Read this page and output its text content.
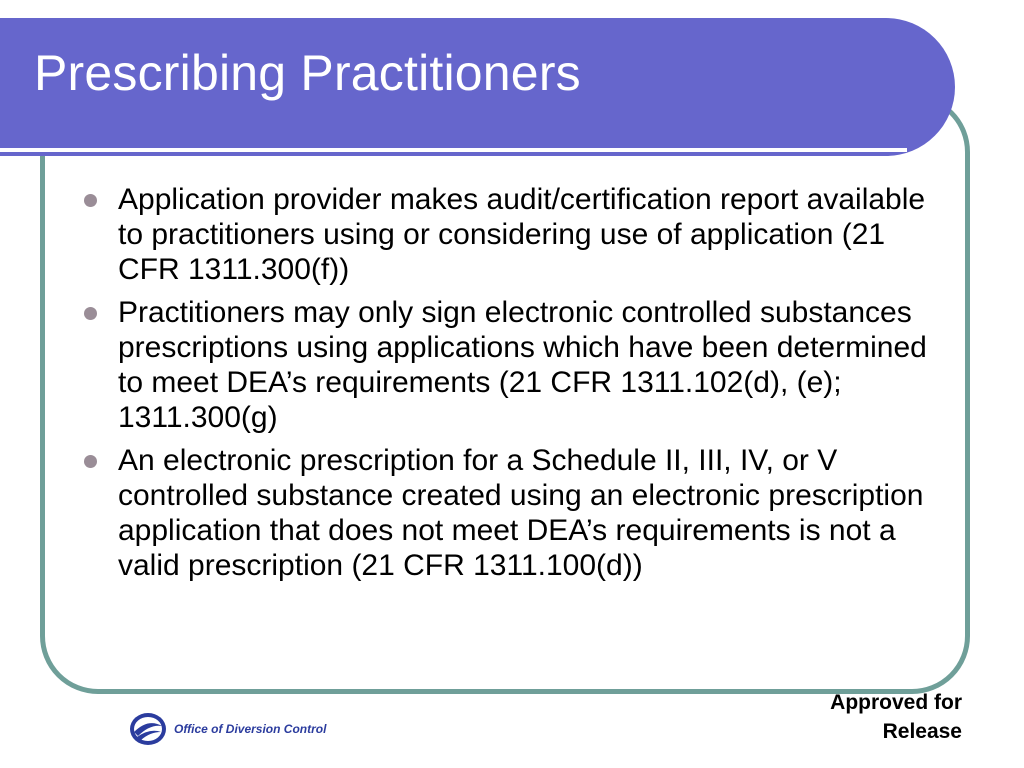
Prescribing Practitioners
Application provider makes audit/certification report available to practitioners using or considering use of application (21 CFR 1311.300(f))
Practitioners may only sign electronic controlled substances prescriptions using applications which have been determined to meet DEA’s requirements (21 CFR 1311.102(d), (e); 1311.300(g)
An electronic prescription for a Schedule II, III, IV, or V controlled substance created using an electronic prescription application that does not meet DEA’s requirements is not a valid prescription (21 CFR 1311.100(d))
Office of Diversion Control
Approved for
Release
